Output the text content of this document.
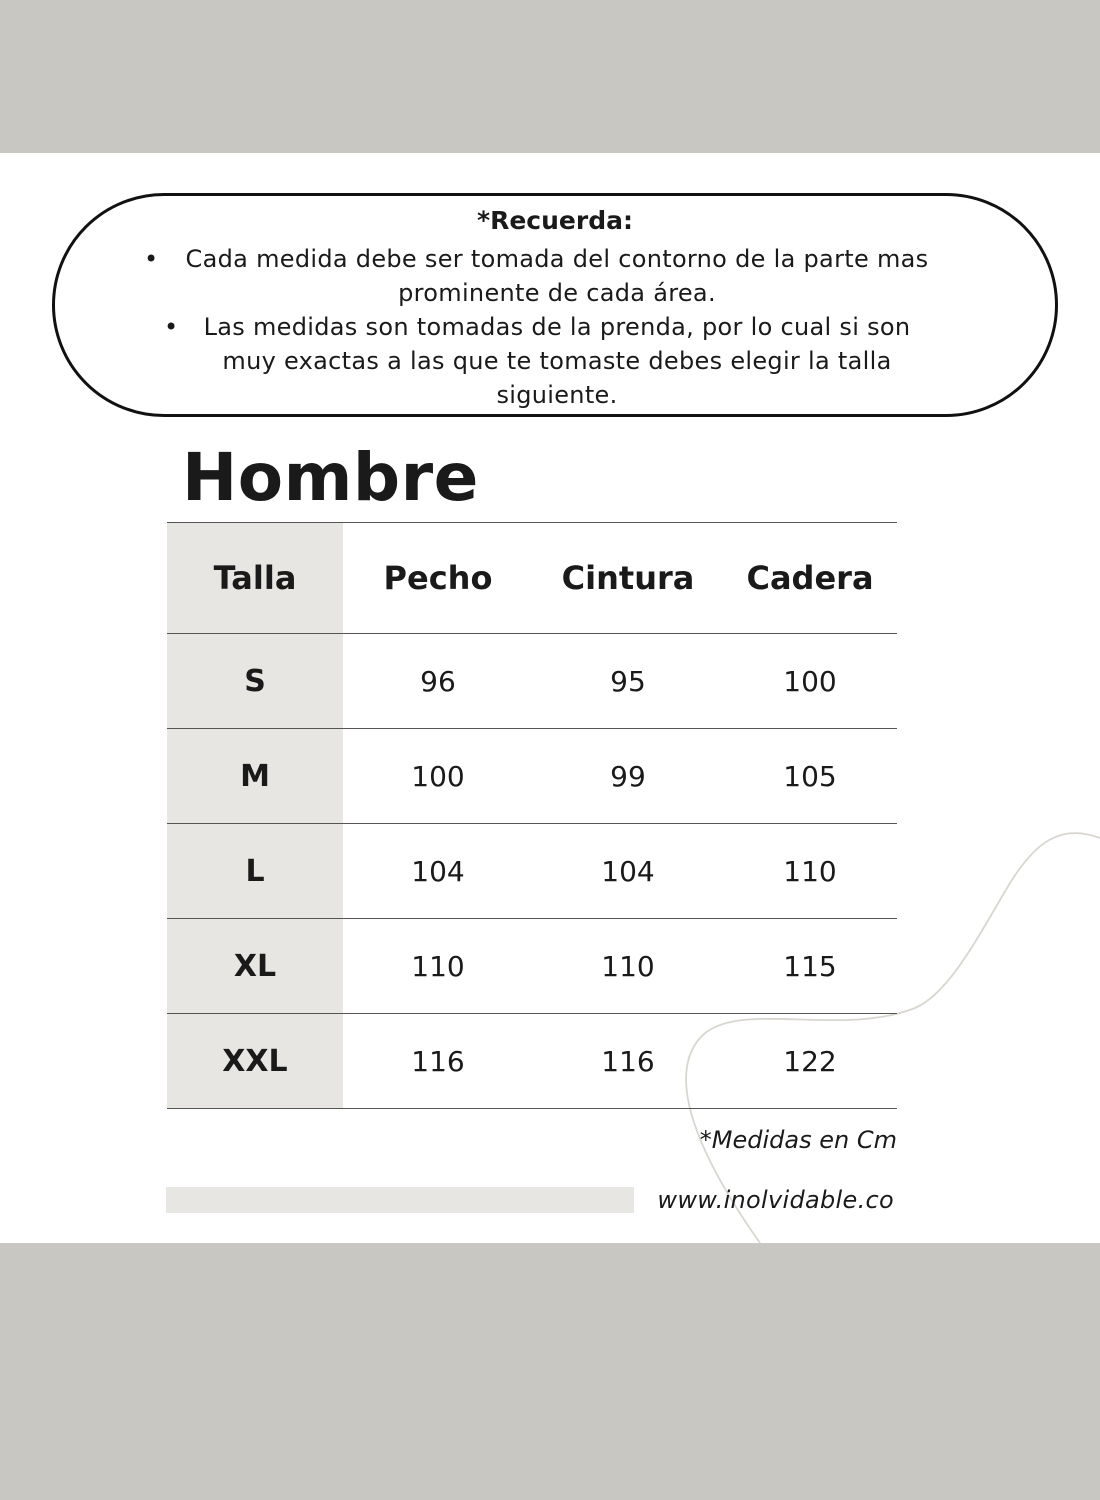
*Recuerda:
• Cada medida debe ser tomada del contorno de la parte mas prominente de cada área.
• Las medidas son tomadas de la prenda, por lo cual si son muy exactas a las que te tomaste debes elegir la talla siguiente.
Hombre
Talla	Pecho	Cintura	Cadera
S	96	95	100
M	100	99	105
L	104	104	110
XL	110	110	115
XXL	116	116	122
*Medidas en Cm
www.inolvidable.co
